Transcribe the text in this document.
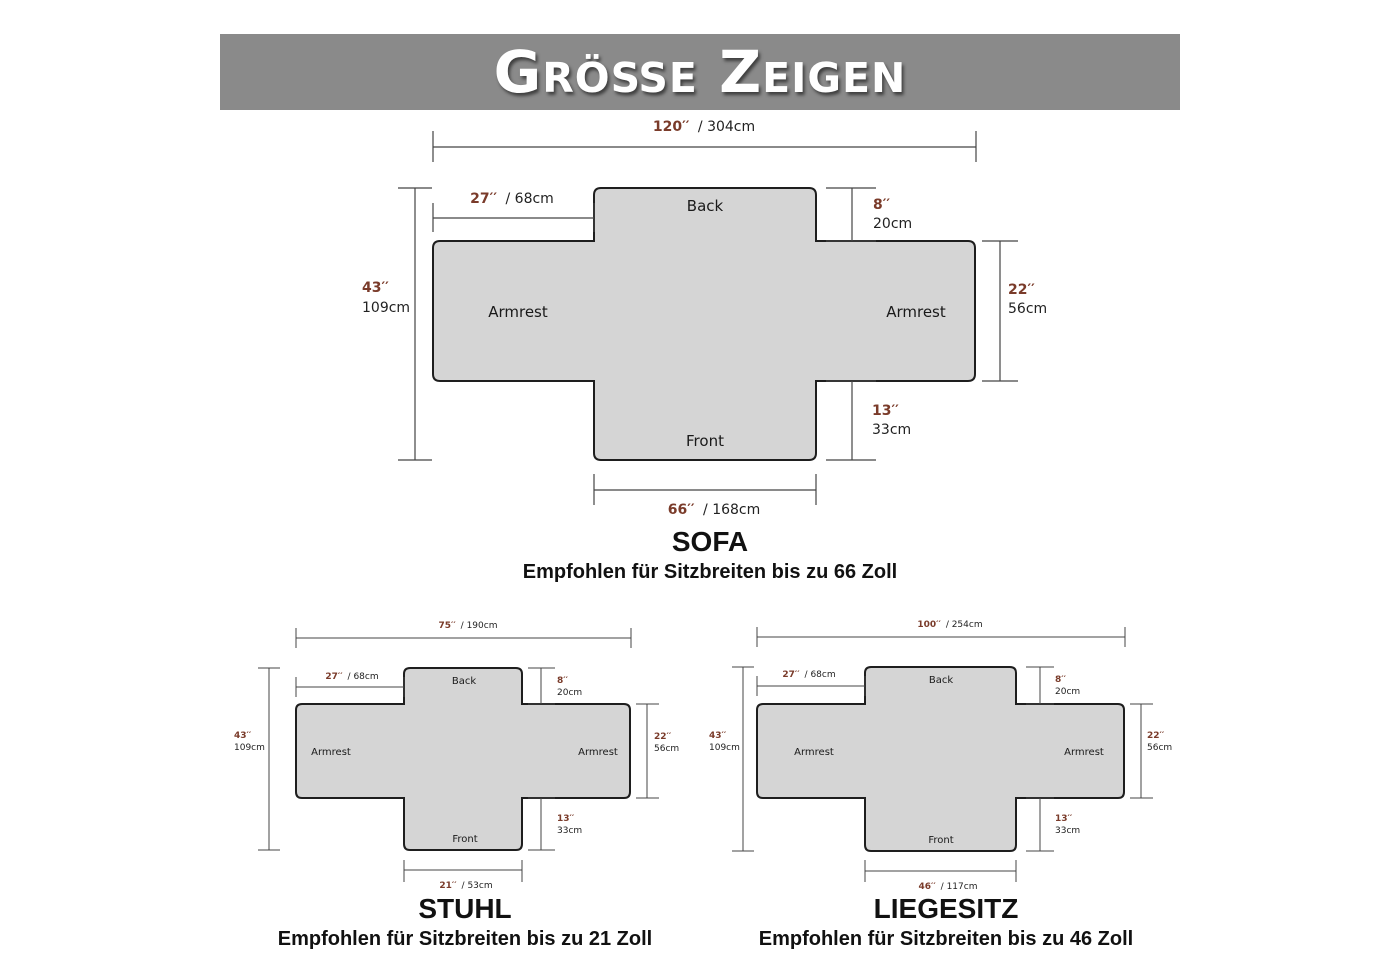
Größe Zeigen
120′′ / 304cm
27′′ / 68cm
43′′
109cm
8′′
20cm
22′′
56cm
13′′
33cm
66′′ / 168cm
Back
Front
Armrest	Armrest
75′′ / 190cm
27′′ / 68cm
43′′
109cm
8′′
20cm
22′′
56cm
13′′
33cm
21′′ / 53cm
Back
Front
Armrest	Armrest
100′′ / 254cm
27′′ / 68cm
43′′
109cm
8′′
20cm
22′′
56cm
13′′
33cm
46′′ / 117cm
Back
Front
Armrest	Armrest
SOFA
Empfohlen für Sitzbreiten bis zu 66 Zoll
STUHL
Empfohlen für Sitzbreiten bis zu 21 Zoll
LIEGESITZ
Empfohlen für Sitzbreiten bis zu 46 Zoll
